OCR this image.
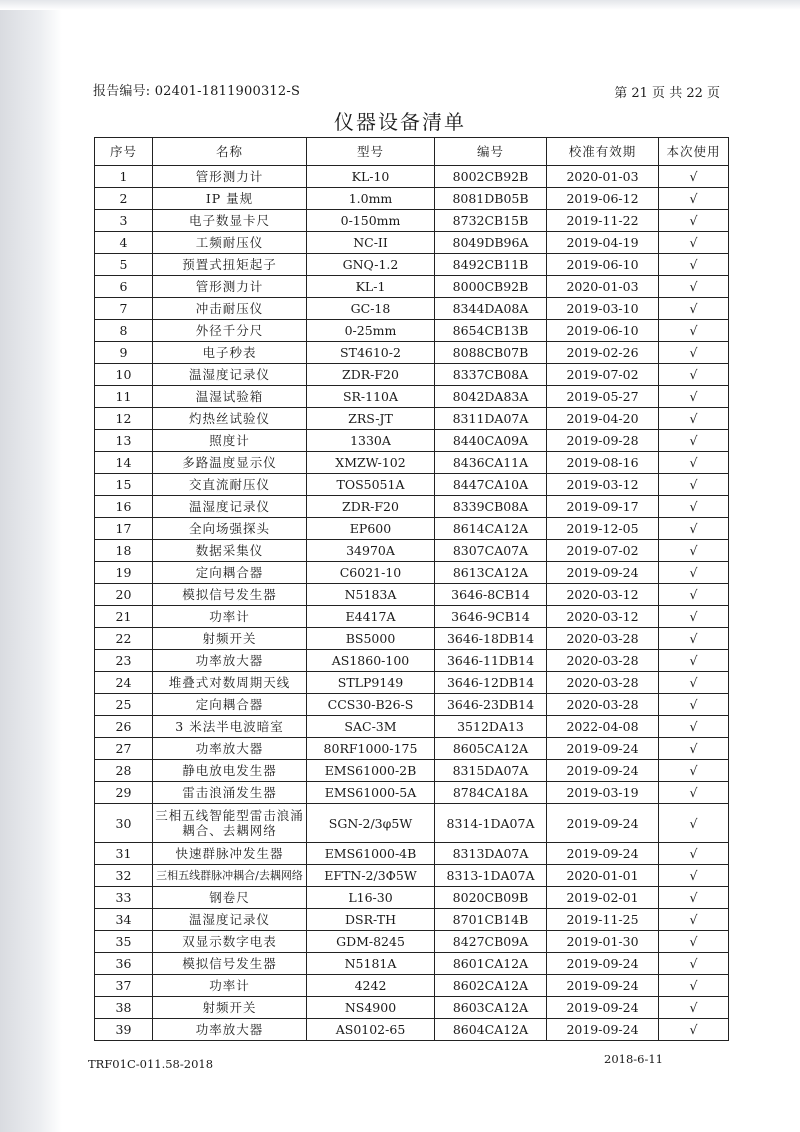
报告编号: 02401-1811900312-S	第 21 页 共 22 页
仪器设备清单
序号	名称	型号	编号	校准有效期	本次使用
1	管形测力计	KL-10	8002CB92B	2020-01-03	√
2	IP 量规	1.0mm	8081DB05B	2019-06-12	√
3	电子数显卡尺	0-150mm	8732CB15B	2019-11-22	√
4	工频耐压仪	NC-II	8049DB96A	2019-04-19	√
5	预置式扭矩起子	GNQ-1.2	8492CB11B	2019-06-10	√
6	管形测力计	KL-1	8000CB92B	2020-01-03	√
7	冲击耐压仪	GC-18	8344DA08A	2019-03-10	√
8	外径千分尺	0-25mm	8654CB13B	2019-06-10	√
9	电子秒表	ST4610-2	8088CB07B	2019-02-26	√
10	温湿度记录仪	ZDR-F20	8337CB08A	2019-07-02	√
11	温湿试验箱	SR-110A	8042DA83A	2019-05-27	√
12	灼热丝试验仪	ZRS-JT	8311DA07A	2019-04-20	√
13	照度计	1330A	8440CA09A	2019-09-28	√
14	多路温度显示仪	XMZW-102	8436CA11A	2019-08-16	√
15	交直流耐压仪	TOS5051A	8447CA10A	2019-03-12	√
16	温湿度记录仪	ZDR-F20	8339CB08A	2019-09-17	√
17	全向场强探头	EP600	8614CA12A	2019-12-05	√
18	数据采集仪	34970A	8307CA07A	2019-07-02	√
19	定向耦合器	C6021-10	8613CA12A	2019-09-24	√
20	模拟信号发生器	N5183A	3646-8CB14	2020-03-12	√
21	功率计	E4417A	3646-9CB14	2020-03-12	√
22	射频开关	BS5000	3646-18DB14	2020-03-28	√
23	功率放大器	AS1860-100	3646-11DB14	2020-03-28	√
24	堆叠式对数周期天线	STLP9149	3646-12DB14	2020-03-28	√
25	定向耦合器	CCS30-B26-S	3646-23DB14	2020-03-28	√
26	3 米法半电波暗室	SAC-3M	3512DA13	2022-04-08	√
27	功率放大器	80RF1000-175	8605CA12A	2019-09-24	√
28	静电放电发生器	EMS61000-2B	8315DA07A	2019-09-24	√
29	雷击浪涌发生器	EMS61000-5A	8784CA18A	2019-03-19	√
30	三相五线智能型雷击浪涌耦合、去耦网络	SGN-2/3φ5W	8314-1DA07A	2019-09-24	√
31	快速群脉冲发生器	EMS61000-4B	8313DA07A	2019-09-24	√
32	三相五线群脉冲耦合/去耦网络	EFTN-2/3Φ5W	8313-1DA07A	2020-01-01	√
33	钢卷尺	L16-30	8020CB09B	2019-02-01	√
34	温湿度记录仪	DSR-TH	8701CB14B	2019-11-25	√
35	双显示数字电表	GDM-8245	8427CB09A	2019-01-30	√
36	模拟信号发生器	N5181A	8601CA12A	2019-09-24	√
37	功率计	4242	8602CA12A	2019-09-24	√
38	射频开关	NS4900	8603CA12A	2019-09-24	√
39	功率放大器	AS0102-65	8604CA12A	2019-09-24	√
TRF01C-011.58-2018	2018-6-11
